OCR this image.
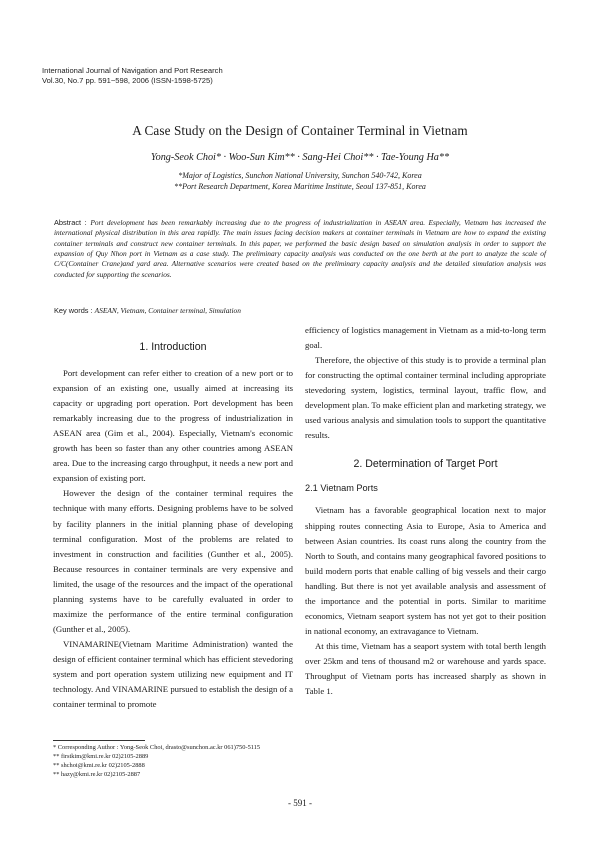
International Journal of Navigation and Port Research
Vol.30, No.7 pp. 591~598, 2006 (ISSN-1598-5725)
A Case Study on the Design of Container Terminal in Vietnam
Yong-Seok Choi* · Woo-Sun Kim** · Sang-Hei Choi** · Tae-Young Ha**
*Major of Logistics, Sunchon National University, Sunchon 540-742, Korea
**Port Research Department, Korea Maritime Institute, Seoul 137-851, Korea
Abstract : Port development has been remarkably increasing due to the progress of industrialization in ASEAN area. Especially, Vietnam has increased the international physical distribution in this area rapidly. The main issues facing decision makers at container terminals in Vietnam are how to expand the existing container terminals and construct new container terminals. In this paper, we performed the basic design based on simulation analysis in order to support the expansion of Quy Nhon port in Vietnam as a case study. The preliminary capacity analysis was conducted on the one berth at the port to analyze the scale of C/C(Container Crane)and yard area. Alternative scenarios were created based on the preliminary capacity analysis and the detailed simulation analysis was conducted for supporting the scenarios.
Key words : ASEAN, Vietnam, Container terminal, Simulation
1. Introduction

Port development can refer either to creation of a new port or to expansion of an existing one, usually aimed at increasing its capacity or upgrading port operation. Port development has been remarkably increasing due to the progress of industrialization in ASEAN area (Gim et al., 2004). Especially, Vietnam's economic growth has been so faster than any other countries among ASEAN area. Due to the increasing cargo throughput, it needs a new port and expansion of existing port.

However the design of the container terminal requires the technique with many efforts. Designing problems have to be solved by facility planners in the initial planning phase of developing terminal configuration. Most of the problems are related to investment in construction and facilities (Gunther et al., 2005). Because resources in container terminals are very expensive and limited, the usage of the resources and the impact of the operational planning systems have to be carefully evaluated in order to maximize the performance of the entire terminal configuration (Gunther et al., 2005).

VINAMARINE(Vietnam Maritime Administration) wanted the design of efficient container terminal which has efficient stevedoring system and port operation system utilizing new equipment and IT technology. And VINAMARINE pursued to establish the design of a container terminal to promote

efficiency of logistics management in Vietnam as a mid-to-long term goal.

Therefore, the objective of this study is to provide a terminal plan for constructing the optimal container terminal including appropriate stevedoring system, logistics, terminal layout, traffic flow, and development plan. To make efficient plan and marketing strategy, we used various analysis and simulation tools to support the quantitative results.

2. Determination of Target Port
2.1 Vietnam Ports

Vietnam has a favorable geographical location next to major shipping routes connecting Asia to Europe, Asia to America and between Asian countries. Its coast runs along the country from the North to South, and contains many geographical favored positions to build modern ports that enable calling of big vessels and their cargo handling. But there is not yet available analysis and assessment of the importance and the potential in ports. Similar to maritime economics, Vietnam seaport system has not yet got to their position in national economy, an extravagance to Vietnam.

At this time, Vietnam has a seaport system with total berth length over 25km and tens of thousand m2 or warehouse and yards space. Throughput of Vietnam ports has increased sharply as shown in Table 1.

* Corresponding Author : Yong-Seok Choi, drasto@sunchon.ac.kr 061)750-5115
** firstkim@kmi.re.kr 02)2105-2889
** shchoi@kmi.re.kr 02)2105-2888
** hazy@kmi.re.kr 02)2105-2887
- 591 -
